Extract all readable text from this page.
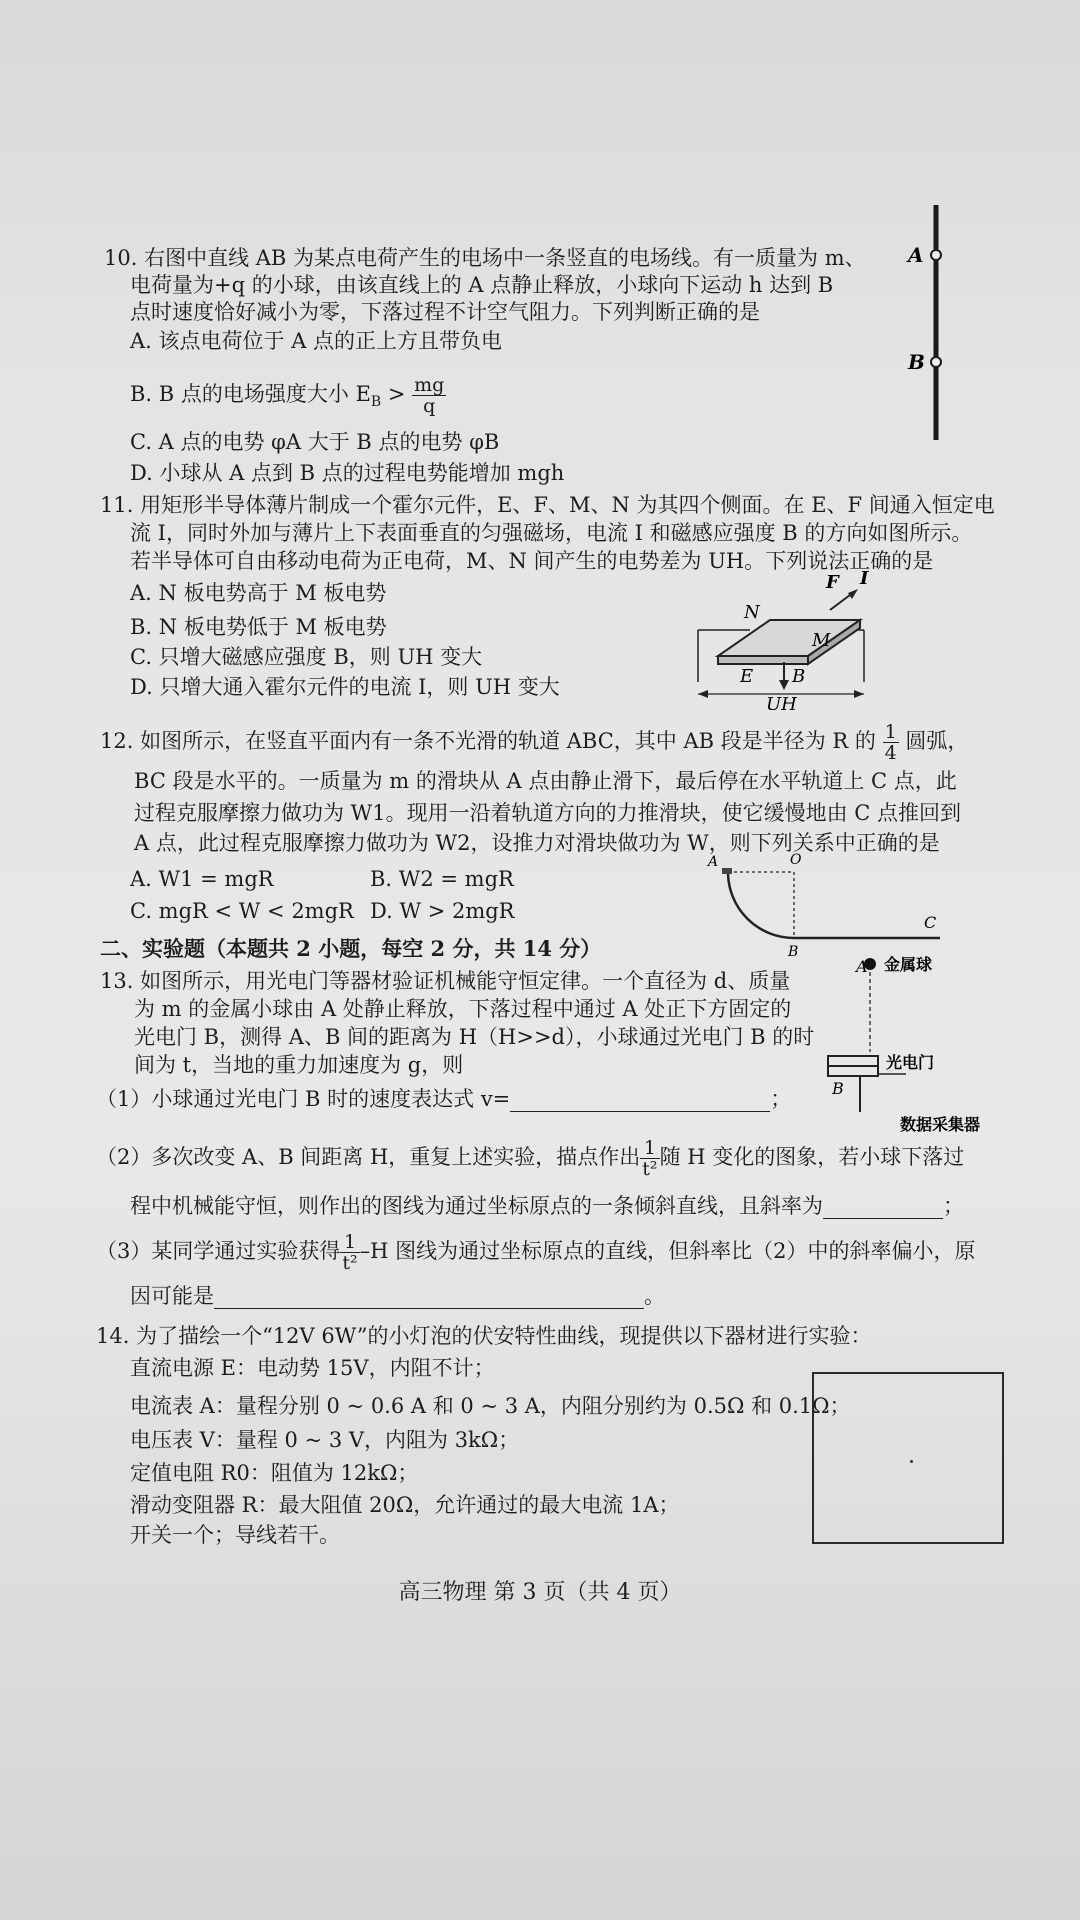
10. 右图中直线 AB 为某点电荷产生的电场中一条竖直的电场线。有一质量为 m、
电荷量为+q 的小球，由该直线上的 A 点静止释放，小球向下运动 h 达到 B
点时速度恰好减小为零，下落过程不计空气阻力。下列判断正确的是
A. 该点电荷位于 A 点的正上方且带负电
B. B 点的电场强度大小 $E_B > \frac{mg}{q}$
C. A 点的电势 φA 大于 B 点的电势 φB
D. 小球从 A 点到 B 点的过程电势能增加 mgh
A
B
11. 用矩形半导体薄片制成一个霍尔元件，E、F、M、N 为其四个侧面。在 E、F 间通入恒定电
流 I，同时外加与薄片上下表面垂直的匀强磁场，电流 I 和磁感应强度 B 的方向如图所示。
若半导体可自由移动电荷为正电荷，M、N 间产生的电势差为 UH。下列说法正确的是
A. N 板电势高于 M 板电势
B. N 板电势低于 M 板电势
C. 只增大磁感应强度 B，则 UH 变大
D. 只增大通入霍尔元件的电流 I，则 UH 变大
F I
N
M
E B
UH
12. 如图所示，在竖直平面内有一条不光滑的轨道 ABC，其中 AB 段是半径为 R 的 $\frac{1}{4}$ 圆弧，
BC 段是水平的。一质量为 m 的滑块从 A 点由静止滑下，最后停在水平轨道上 C 点，此
过程克服摩擦力做功为 W1。现用一沿着轨道方向的力推滑块，使它缓慢地由 C 点推回到
A 点，此过程克服摩擦力做功为 W2，设推力对滑块做功为 W，则下列关系中正确的是
A. W1 = mgR	B. W2 = mgR
C. mgR < W < 2mgR D. W > 2mgR
A	O
B
C
二、实验题（本题共 2 小题，每空 2 分，共 14 分）
13. 如图所示，用光电门等器材验证机械能守恒定律。一个直径为 d、质量
为 m 的金属小球由 A 处静止释放，下落过程中通过 A 处正下方固定的
光电门 B，测得 A、B 间的距离为 H（H>>d），小球通过光电门 B 的时
间为 t，当地的重力加速度为 g，则
（1）小球通过光电门 B 时的速度表达式 v=	；
（2）多次改变 A、B 间距离 H，重复上述实验，描点作出 $\frac{1}{\text{t²}}$ 随 H 变化的图象，若小球下落过
程中机械能守恒，则作出的图线为通过坐标原点的一条倾斜直线，且斜率为	；
（3）某同学通过实验获得 $\frac{1}{\text{t²}} -H$ 图线为通过坐标原点的直线，但斜率比（2）中的斜率偏小，原
因可能是	。
A 金属球
B
光电门
数据采集器
14. 为了描绘一个“12V 6W”的小灯泡的伏安特性曲线，现提供以下器材进行实验：
直流电源 E：电动势 15V，内阻不计；
电流表 A：量程分别 0 ~ 0.6 A 和 0 ~ 3 A，内阻分别约为 0.5Ω 和 0.1Ω；
电压表 V：量程 0 ~ 3 V，内阻为 3kΩ；
定值电阻 R0：阻值为 12kΩ；
滑动变阻器 R：最大阻值 20Ω，允许通过的最大电流 1A；
开关一个；导线若干。
高三物理 第 3 页（共 4 页）
